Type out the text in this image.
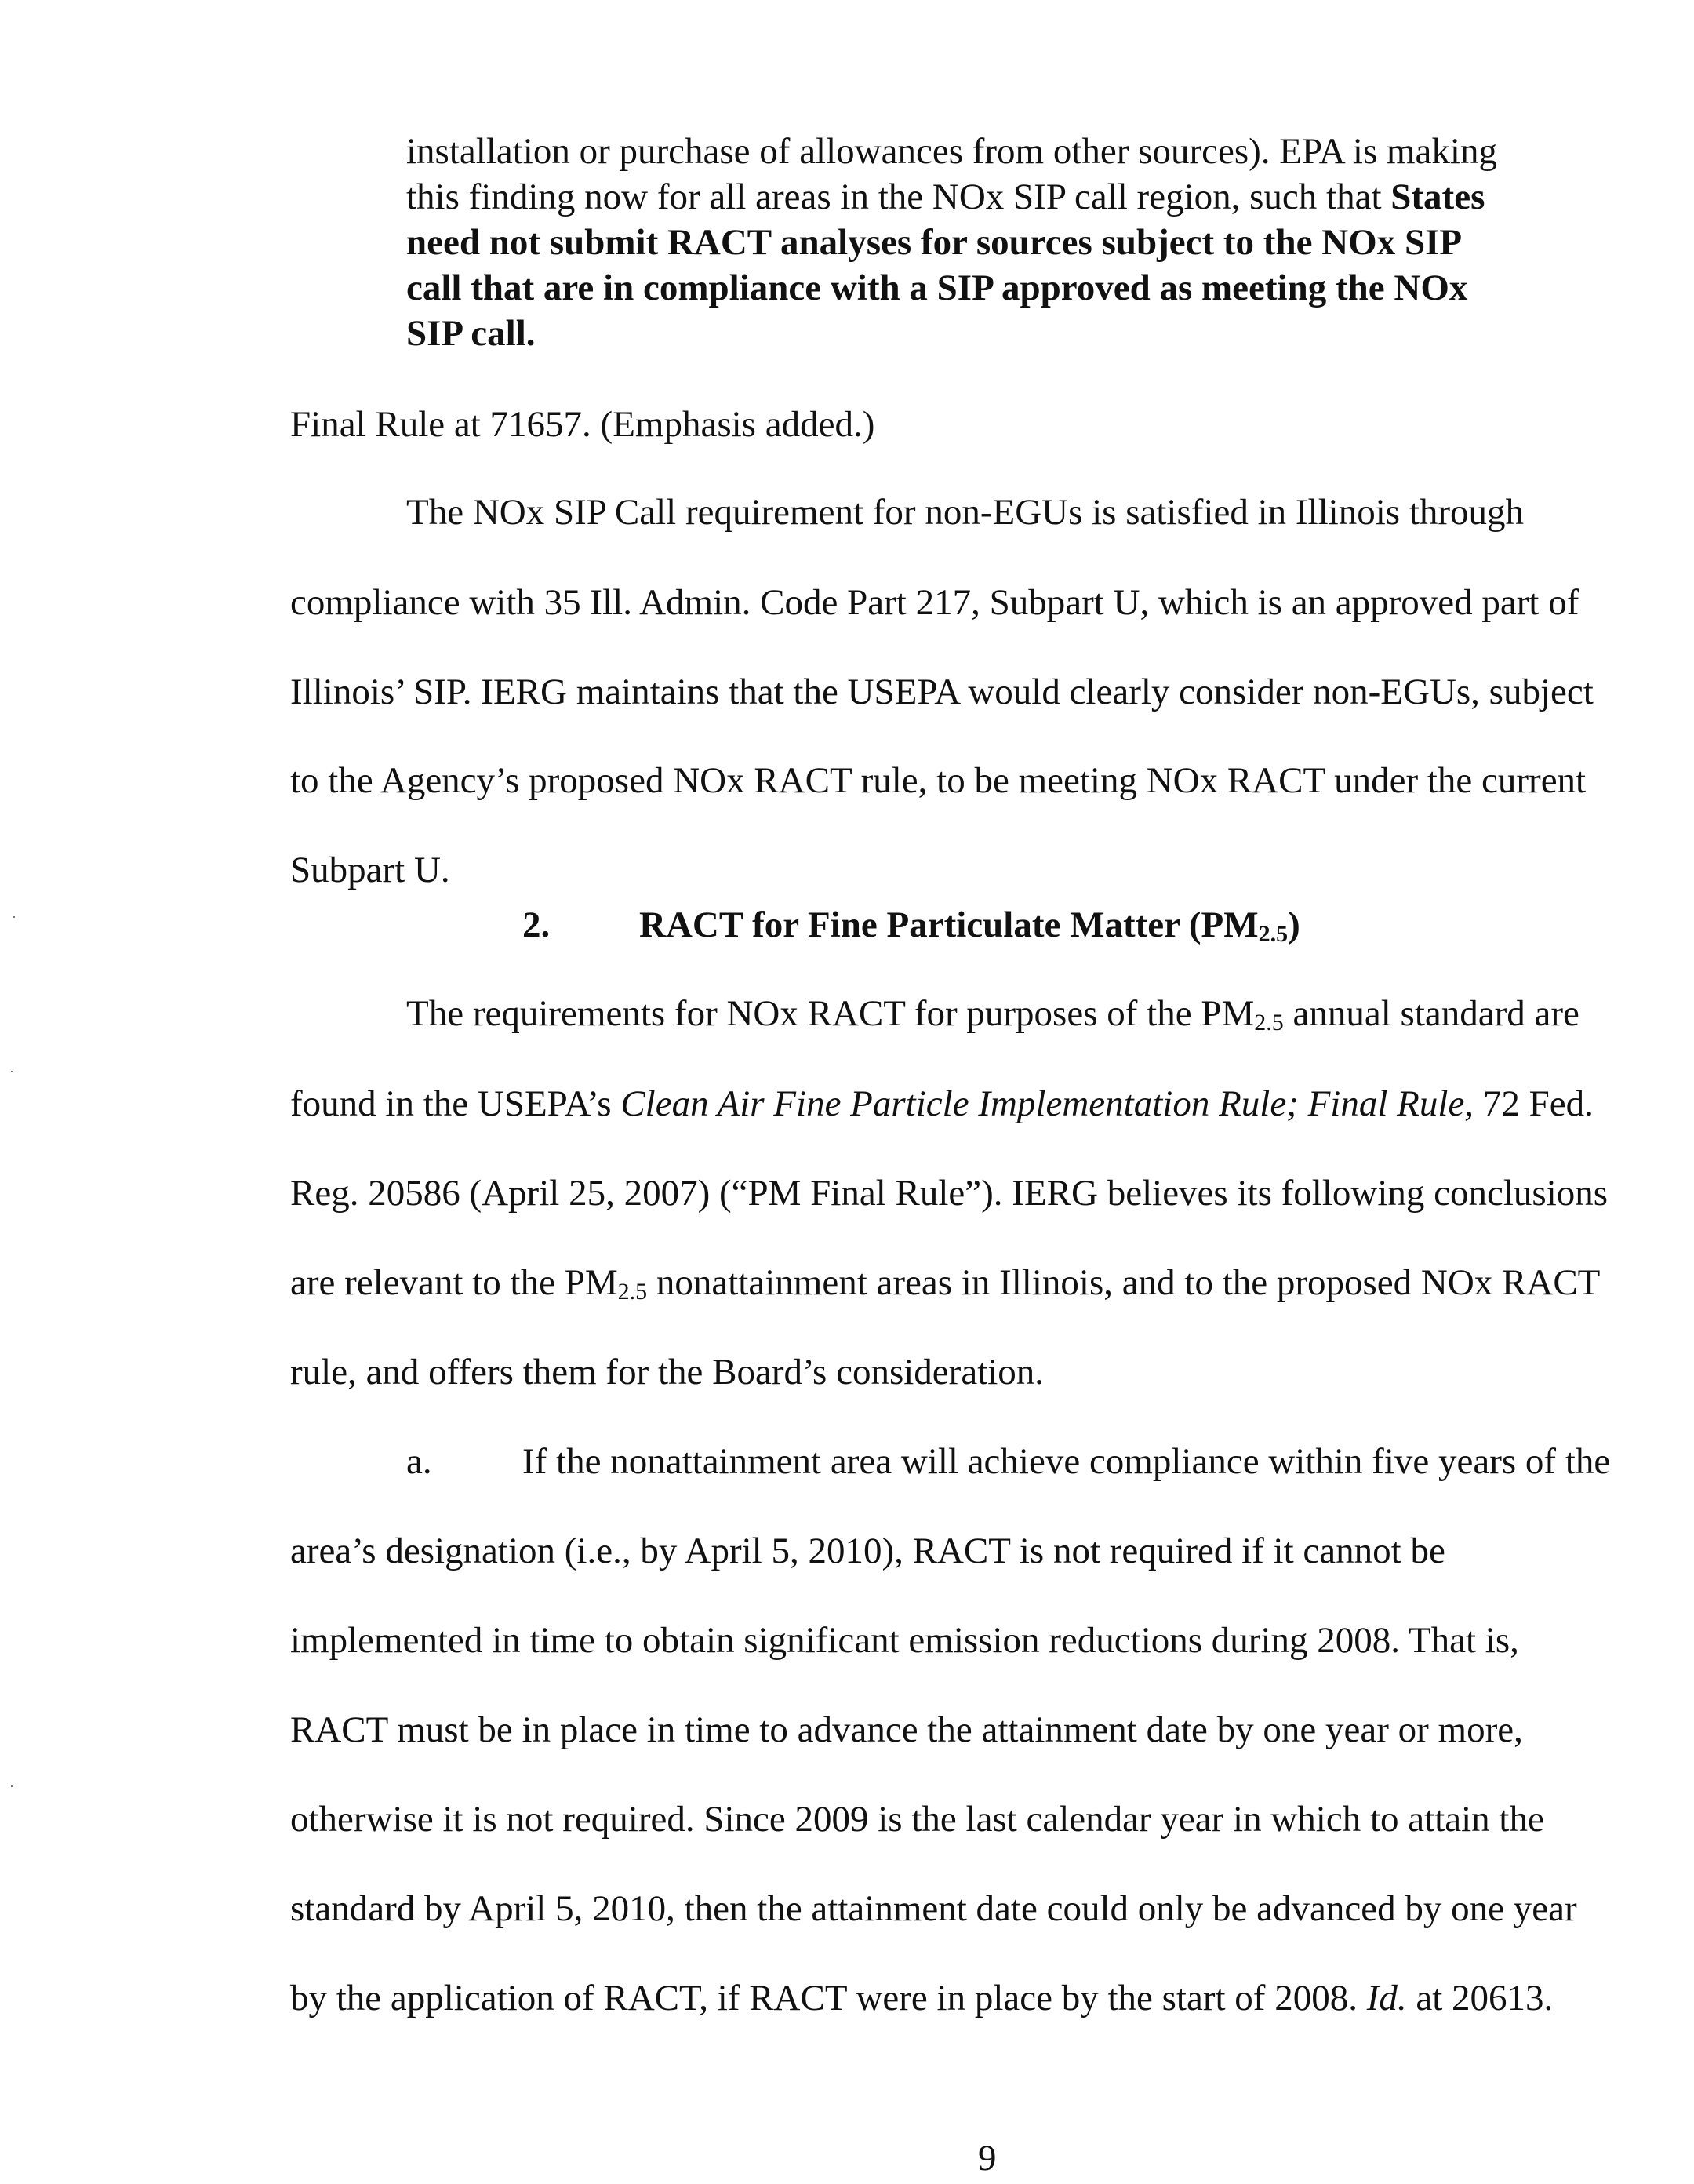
installation or purchase of allowances from other sources). EPA is making
this finding now for all areas in the NOx SIP call region, such that States
need not submit RACT analyses for sources subject to the NOx SIP
call that are in compliance with a SIP approved as meeting the NOx
SIP call.
Final Rule at 71657. (Emphasis added.)
The NOx SIP Call requirement for non-EGUs is satisfied in Illinois through
compliance with 35 Ill. Admin. Code Part 217, Subpart U, which is an approved part of
Illinois’ SIP. IERG maintains that the USEPA would clearly consider non-EGUs, subject
to the Agency’s proposed NOx RACT rule, to be meeting NOx RACT under the current
Subpart U.
2. RACT for Fine Particulate Matter $(PM_{2.5})$
The requirements for NOx RACT for purposes of the $PM_{2.5}$ annual standard are
found in the USEPA’s Clean Air Fine Particle Implementation Rule; Final Rule, 72 Fed.
Reg. 20586 (April 25, 2007) (“PM Final Rule”). IERG believes its following conclusions
are relevant to the $PM_{2.5}$ nonattainment areas in Illinois, and to the proposed NOx RACT
rule, and offers them for the Board’s consideration.
a. If the nonattainment area will achieve compliance within five years of the
area’s designation (i.e., by April 5, 2010), RACT is not required if it cannot be
implemented in time to obtain significant emission reductions during 2008. That is,
RACT must be in place in time to advance the attainment date by one year or more,
otherwise it is not required. Since 2009 is the last calendar year in which to attain the
standard by April 5, 2010, then the attainment date could only be advanced by one year
by the application of RACT, if RACT were in place by the start of 2008. Id. at 20613.
9
